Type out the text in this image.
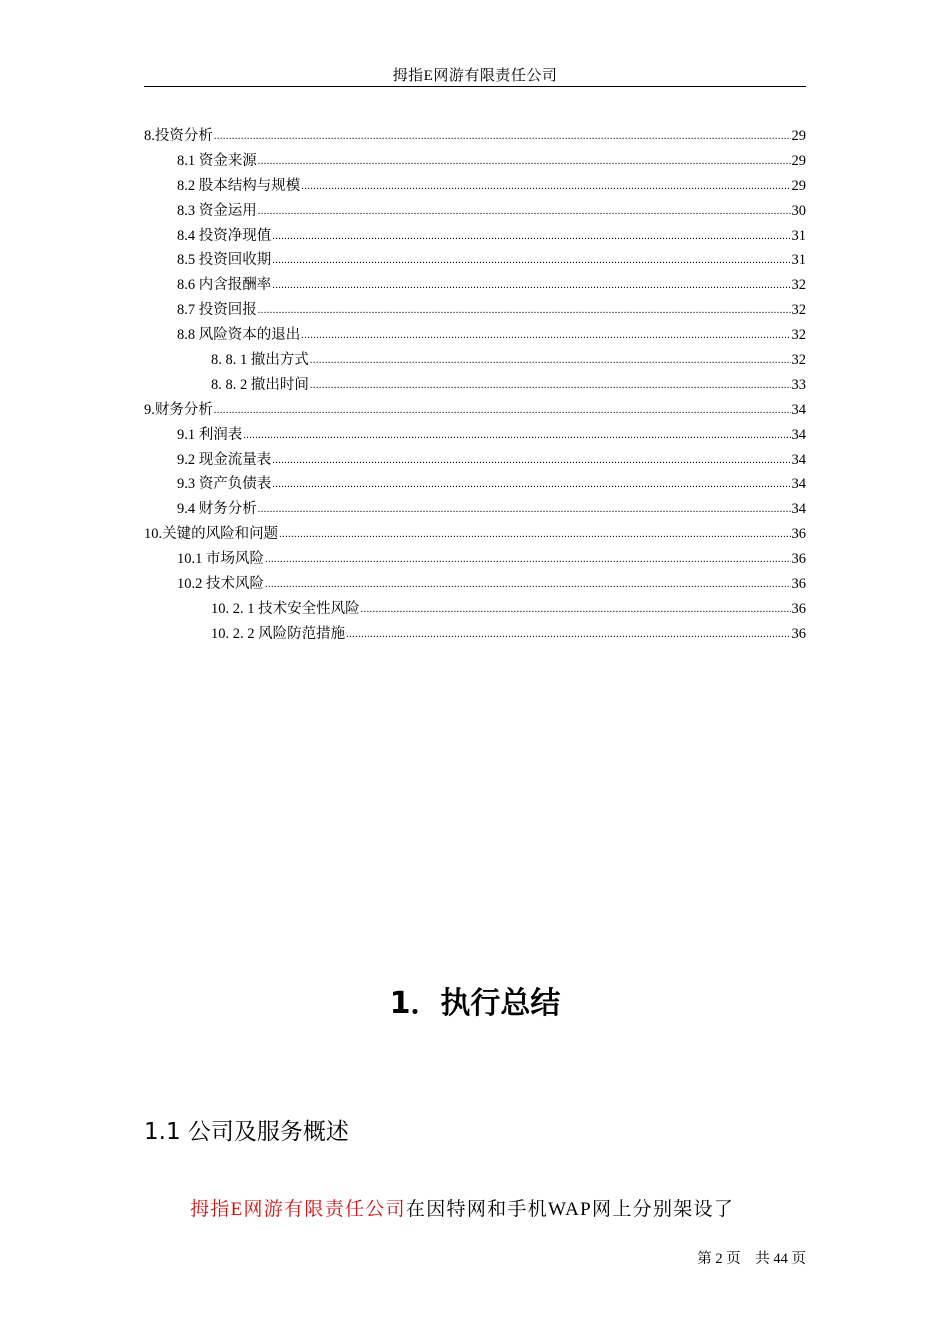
拇指E网游有限责任公司
8.投资分析 .....	29
8.1 资金来源 .....	29
8.2 股本结构与规模 .....	29
8.3 资金运用 .....	30
8.4 投资净现值 .....	31
8.5 投资回收期 .....	31
8.6 内含报酬率 .....	32
8.7 投资回报 .....	32
8.8 风险资本的退出 .....	32
8. 8. 1 撤出方式 .....	32
8. 8. 2 撤出时间 .....	33
9.财务分析 .....	34
9.1 利润表 .....	34
9.2 现金流量表 .....	34
9.3 资产负债表 .....	34
9.4 财务分析 .....	34
10.关键的风险和问题 .....	36
10.1 市场风险 .....	36
10.2 技术风险 .....	36
10. 2. 1 技术安全性风险 .....	36
10. 2. 2 风险防范措施 .....	36
1．执行总结
1.1 公司及服务概述
拇指E网游有限责任公司在因特网和手机WAP网上分别架设了
第 2 页　共 44 页
